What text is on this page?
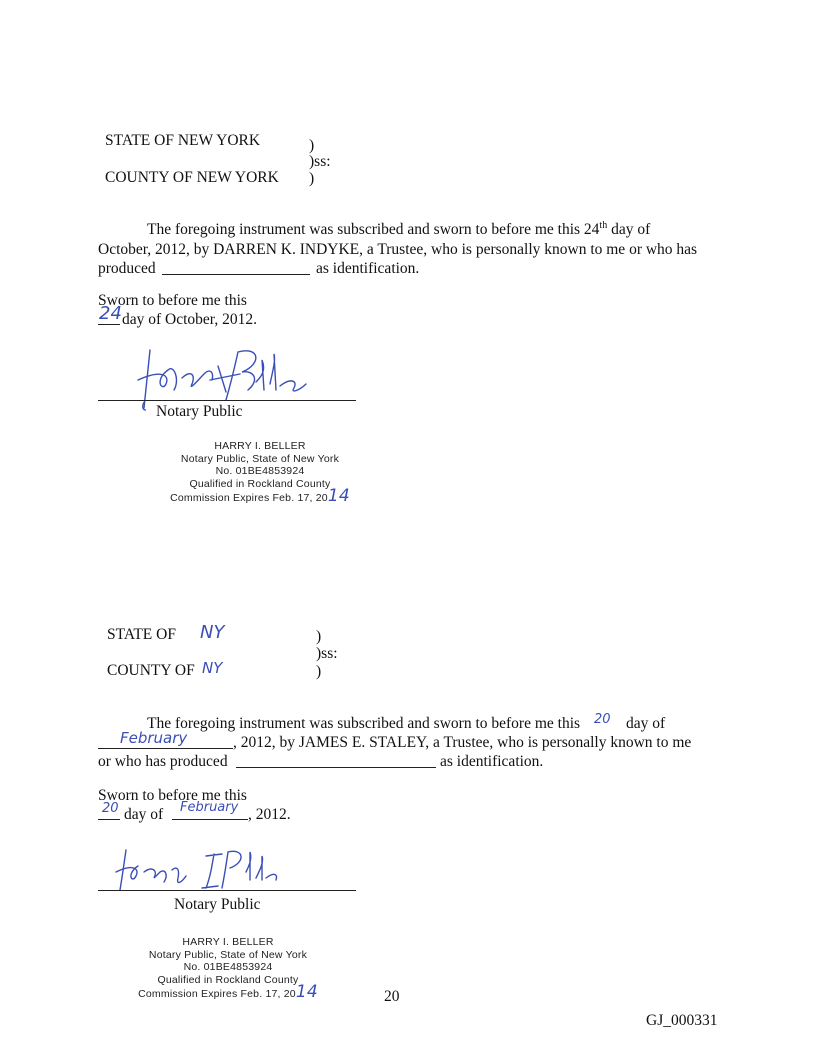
STATE OF NEW YORK	)
)ss:
COUNTY OF NEW YORK )
The foregoing instrument was subscribed and sworn to before me this 24th day of
October, 2012, by DARREN K. INDYKE, a Trustee, who is personally known to me or who has
produced	as identification.
Sworn to before me this
24 day of October, 2012.
Notary Public
HARRY I. BELLER
Notary Public, State of New York
No. 01BE4853924
Qualified in Rockland County
Commission Expires Feb. 17, 2014
STATE OF NY	)
)ss:
COUNTY OF NY	)
The foregoing instrument was subscribed and sworn to before me this 20 day of
February	, 2012, by JAMES E. STALEY, a Trustee, who is personally known to me
or who has produced	as identification.
Sworn to before me this
20 day of February , 2012.
Notary Public
HARRY I. BELLER
Notary Public, State of New York
No. 01BE4853924
Qualified in Rockland County
Commission Expires Feb. 17, 2014	20
GJ_000331
